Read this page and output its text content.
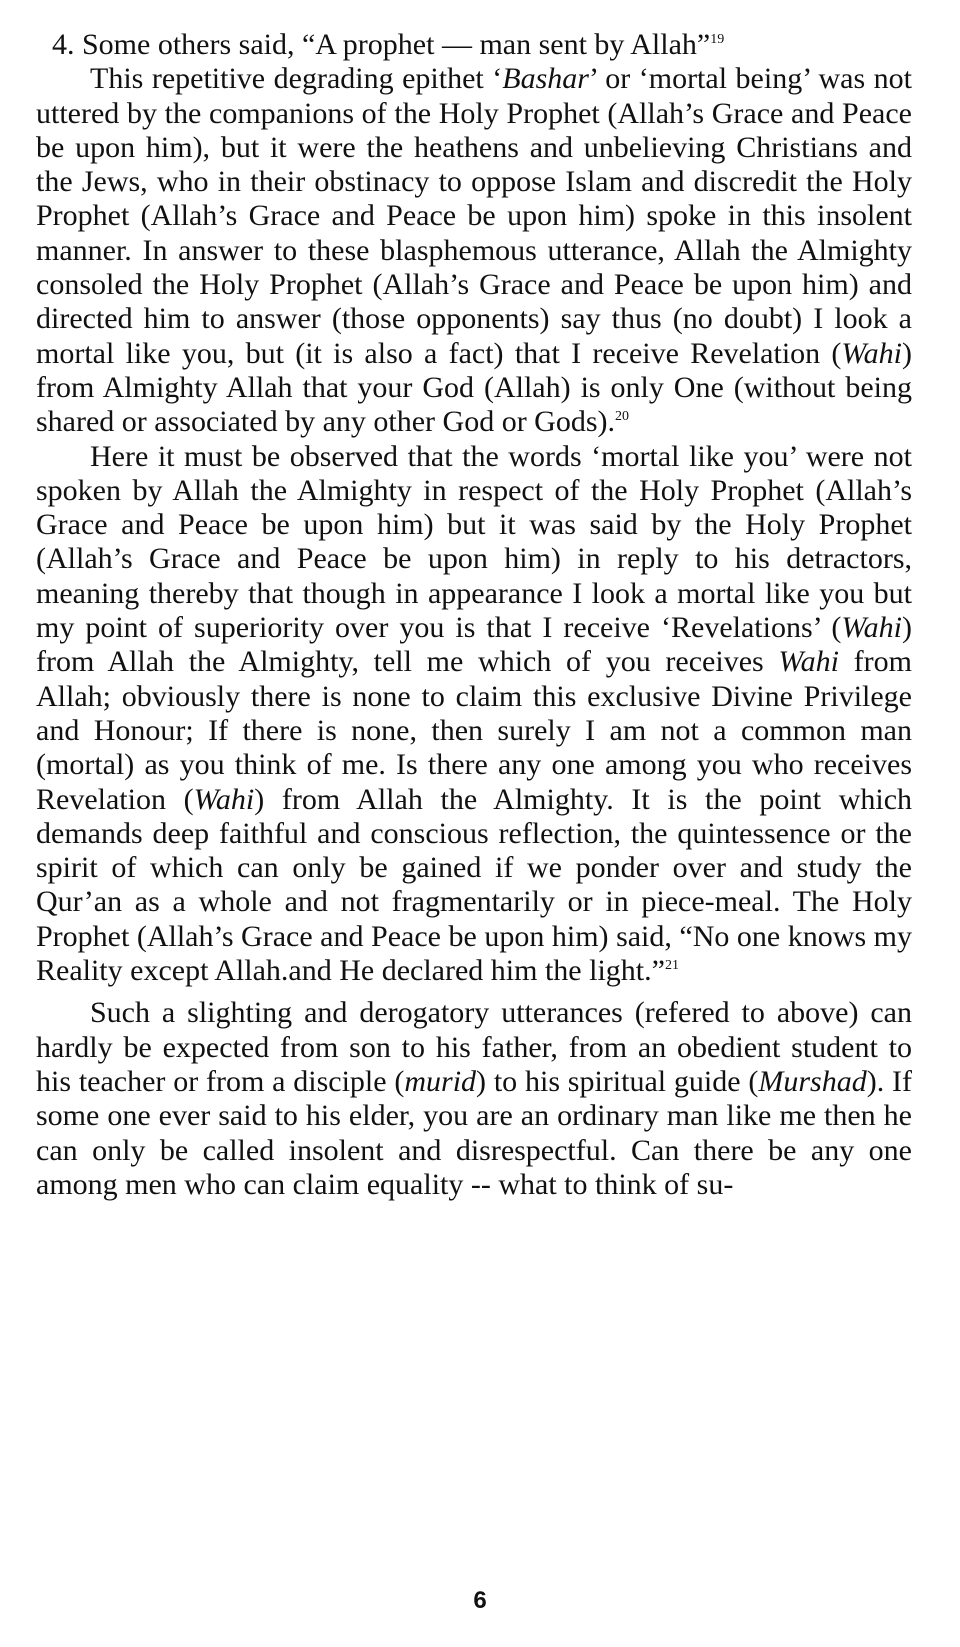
4. Some others said, “A prophet — man sent by Allah”$^{19}$

This repetitive degrading epithet ‘Bashar’ or ‘mortal being’ was not uttered by the companions of the Holy Prophet (Allah’s Grace and Peace be upon him), but it were the heathens and unbelieving Christians and the Jews, who in their obstinacy to oppose Islam and discredit the Holy Prophet (Allah’s Grace and Peace be upon him) spoke in this insolent manner. In answer to these blasphemous utterance, Allah the Almighty consoled the Holy Prophet (Allah’s Grace and Peace be upon him) and directed him to answer (those opponents) say thus (no doubt) I look a mortal like you, but (it is also a fact) that I receive Revelation (Wahi) from Almighty Allah that your God (Allah) is only One (without being shared or associated by any other God or Gods).$^{20}$

Here it must be observed that the words ‘mortal like you’ were not spoken by Allah the Almighty in respect of the Holy Prophet (Allah’s Grace and Peace be upon him) but it was said by the Holy Prophet (Allah’s Grace and Peace be upon him) in reply to his detractors, meaning thereby that though in appearance I look a mortal like you but my point of superiority over you is that I receive ‘Revelations’ (Wahi) from Allah the Almighty, tell me which of you receives Wahi from Allah; obviously there is none to claim this exclusive Divine Privilege and Honour; If there is none, then surely I am not a common man (mortal) as you think of me. Is there any one among you who receives Revelation (Wahi) from Allah the Almighty. It is the point which demands deep faithful and conscious reflection, the quintessence or the spirit of which can only be gained if we ponder over and study the Qur’an as a whole and not fragmentarily or in piece-meal. The Holy Prophet (Allah’s Grace and Peace be upon him) said, “No one knows my Reality except Allah.and He declared him the light.”$^{21}$

Such a slighting and derogatory utterances (refered to above) can hardly be expected from son to his father, from an obedient student to his teacher or from a disciple (murid) to his spiritual guide (Murshad). If some one ever said to his elder, you are an ordinary man like me then he can only be called insolent and disrespectful. Can there be any one among men who can claim equality -- what to think of su-

6
